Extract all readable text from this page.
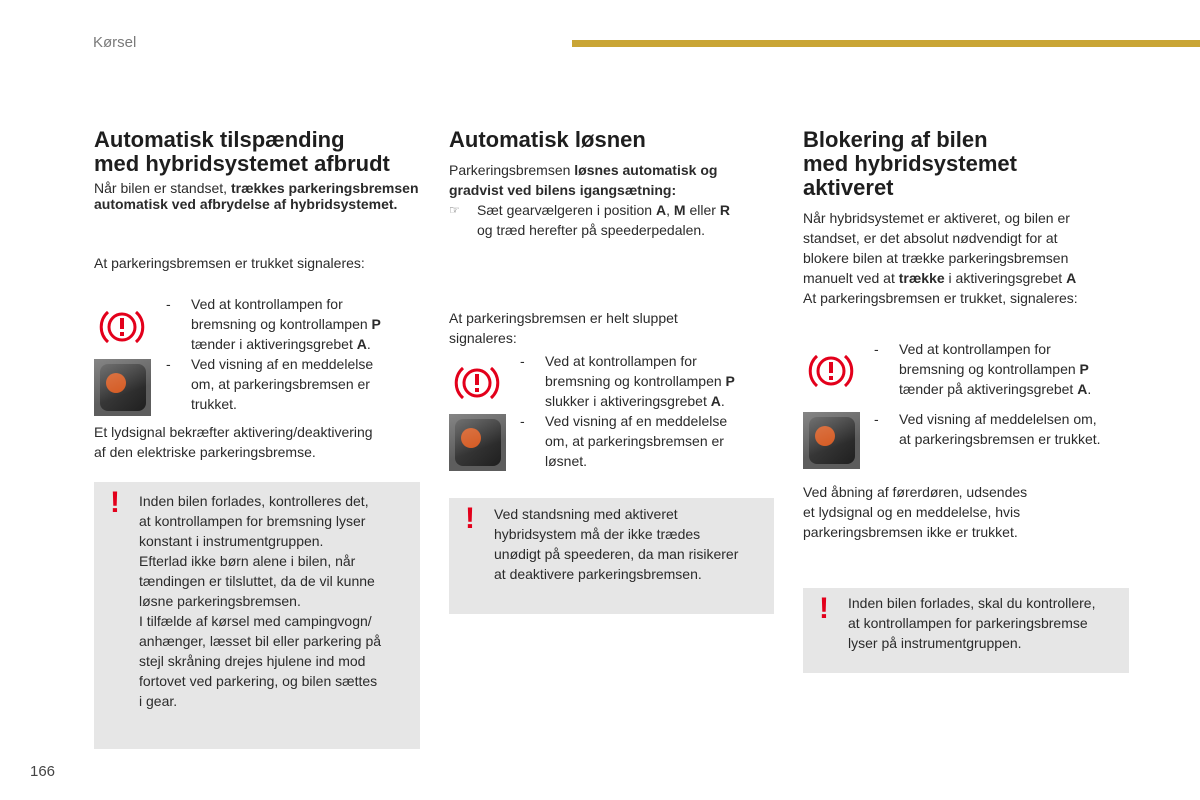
Kørsel
166
Automatisk tilspænding
med hybridsystemet afbrudt

Når bilen er standset, trækkes parkeringsbremsen automatisk ved afbrydelse af hybridsystemet.

At parkeringsbremsen er trukket signaleres:
- Ved at kontrollampen for
bremsning og kontrollampen P
tænder i aktiveringsgrebet A.
- Ved visning af en meddelelse
om, at parkeringsbremsen er
trukket.
Et lydsignal bekræfter aktivering/deaktivering
af den elektriske parkeringsbremse.
! Inden bilen forlades, kontrolleres det,
at kontrollampen for bremsning lyser
konstant i instrumentgruppen.
Efterlad ikke børn alene i bilen, når
tændingen er tilsluttet, da de vil kunne
løsne parkeringsbremsen.
I tilfælde af kørsel med campingvogn/
anhænger, læsset bil eller parkering på
stejl skråning drejes hjulene ind mod
fortovet ved parkering, og bilen sættes
i gear.
Automatisk løsnen
Parkeringsbremsen løsnes automatisk og
gradvist ved bilens igangsætning:
☞	Sæt gearvælgeren i position A, M eller R
og træd herefter på speederpedalen.
At parkeringsbremsen er helt sluppet
signaleres:
- Ved at kontrollampen for
bremsning og kontrollampen P
slukker i aktiveringsgrebet A.
- Ved visning af en meddelelse
om, at parkeringsbremsen er
løsnet.
! Ved standsning med aktiveret
hybridsystem må der ikke trædes
unødigt på speederen, da man risikerer
at deaktivere parkeringsbremsen.
Blokering af bilen
med hybridsystemet
aktiveret
Når hybridsystemet er aktiveret, og bilen er
standset, er det absolut nødvendigt for at
blokere bilen at trække parkeringsbremsen
manuelt ved at trække i aktiveringsgrebet A
At parkeringsbremsen er trukket, signaleres:
- Ved at kontrollampen for
bremsning og kontrollampen P
tænder på aktiveringsgrebet A.
- Ved visning af meddelelsen om,
at parkeringsbremsen er trukket.
Ved åbning af førerdøren, udsendes
et lydsignal og en meddelelse, hvis
parkeringsbremsen ikke er trukket.
! Inden bilen forlades, skal du kontrollere,
at kontrollampen for parkeringsbremse
lyser på instrumentgruppen.
